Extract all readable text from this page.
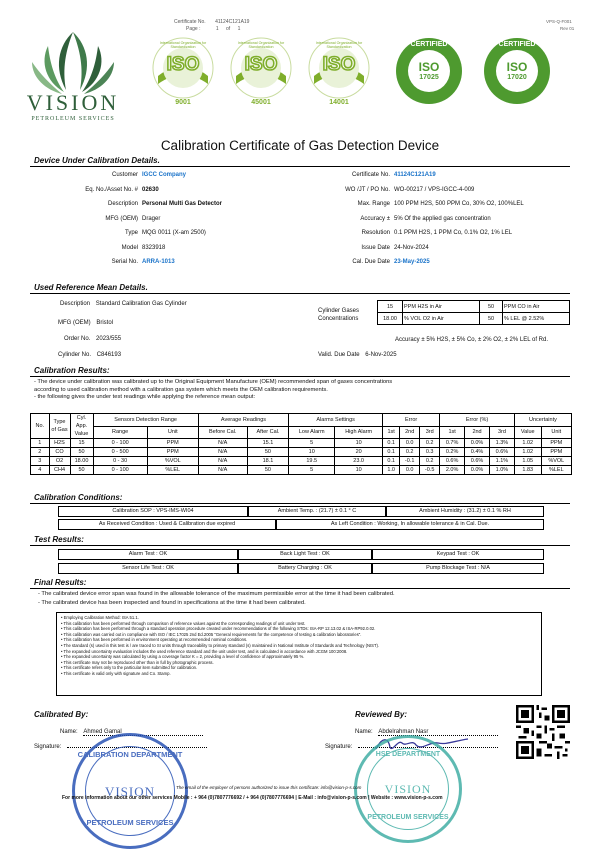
VISION
PETROLEUM SERVICES
Certificate No. 41124C121A19
Page :	1 of 1
VPS-Q-F001
Rev 01
International Organization for Standardization
ISO
9001
International Organization for Standardization
ISO
45001
International Organization for Standardization
ISO
14001
CERTIFIED
ISO
17025
CERTIFIED
ISO
17020
Calibration Certificate of Gas Detection Device
Device Under Calibration Details.
Customer IGCC Company
Eq. No./Asset No. # 02630
Description Personal Multi Gas Detector
MFG (OEM) Drager
Type MQG 0011 (X-am 2500)
Model 8323918
Serial No. ARRA-1013
Certificate No. 41124C121A19
WO /JT / PO No. WO-00217 / VPS-IGCC-4-009
Max. Range 100 PPM H2S, 500 PPM Co, 30% O2, 100%LEL
Accuracy ± 5% Of the applied gas concentration
Resolution 0.1 PPM H2S, 1 PPM Co, 0.1% O2, 1% LEL
Issue Date 24-Nov-2024
Cal. Due Date 23-May-2025
Used Reference Mean Details.
Description Standard Calibration Gas Cylinder
MFG (OEM) Bristol
Order No. 2023/555
Cylinder No. C846193
Cylinder Gases Concentrations
15	PPM H2S in Air	50	PPM CO in Air
18.00	% VOL O2 in Air	50	% LEL @ 2.52%
Accuracy ± 5% H2S, ± 5% Co, ± 2% O2, ± 2% LEL of Rd.
Valid. Due Date 6-Nov-2025
Calibration Results:
- The device under calibration was calibrated up to the Original Equipment Manufacture (OEM) recommended span of gases concentrations
according to used calibration method with a calibration gas system which meets the OEM calibration requirements.
- the following gives the under test readings while applying the reference mean output:
No.	Type of Gas	Cyl. App. Value	Sensors Detection Range		Average Readings		Alarms Settings		Error			Error (%)			Uncertainty	
			Range	Unit	Before Cal.	After Cal.	Low Alarm	High Alarm	1st	2nd	3rd	1st	2nd	3rd	Value	Unit
1	H2S	15	0 - 100	PPM	N/A	15.1	5	10	0.1	0.0	0.2	0.7%	0.0%	1.3%	1.02	PPM
2	CO	50	0 - 500	PPM	N/A	50	10	20	0.1	0.2	0.3	0.2%	0.4%	0.6%	1.02	PPM
3	O2	18.00	0 - 30	%VOL	N/A	18.1	19.5	23.0	0.1	-0.1	0.2	0.6%	0.6%	1.1%	1.05	%VOL
4	CH4	50	0 - 100	%LEL	N/A	50	5	10	1.0	0.0	-0.5	2.0%	0.0%	1.0%	1.83	%LEL
Calibration Conditions:
Calibration SOP : VPS-IMS-WI04	Ambient Temp. : (21.7) ± 0.1 ° C	Ambient Humidity : (31.2) ± 0.1 % RH
As Received Condition : Used & Calibration due expired	As Left Condition : Working, In allowable tolerance & in Cal. Due.
Test Results:
Alarm Test : OK	Back Light Test : OK	Keypad Test : OK
Sensor Life Test : OK	Battery Charging : OK	Pump Blockage Test : N/A
Final Results:
- The calibrated device error span was found in the allowable tolerance of the maximum permissible error at the time it had been calibrated.
- The calibrated device has been inspected and found in specifications at the time it had been calibrated.
• Employing Calibration Method: ISA 51.1.
• This calibration has been performed through comparison of reference values against the corresponding readings of unit under test.
• This calibration has been performed through a standard operation procedure created under recommendations of the following STDs: ISA-RP 12.13.02 & ISA-RP92.0.02.
• This calibration was carried out in compliance with ISO / IEC 17025 2nd Ed.2005 "General requirements for the competence of testing & calibration laboratories".
• This calibration has been performed in environment operating at recommended nominal conditions.
• The standard (s) used in this test is / are traced to SI units through traceability to primary standard (s) maintained in National Institute of Standards and Technology (NIST).
• The expanded uncertainty evaluation includes the used reference standard and the unit under test, and is calculated in accordance with JCGM 100:2008.
• The expanded uncertainty was calculated by using a coverage factor K = 2, providing a level of confidence of approximately 95 %.
• This certificate may not be reproduced other than in full by photographic process.
• This certificate refers only to the particular item submitted for calibration.
• This certificate is valid only with signature and Co. Stamp.
Calibrated By:	Reviewed By:
Name: Ahmed Gamal
Signature:
Name: Abdelrahman Nasr
Signature:
CALIBRATION DEPARTMENT
VISION
PETROLEUM SERVICES
HSE DEPARTMENT
VISION
PETROLEUM SERVICES
The email of the employer of persons authorized to issue this certificate: info@vision-p-s.com
For more information about our other services Mobile : + 964 (0)7807776692 / + 964 (0)7807776694 | E-Mail : info@vision-p-s.com | Website : www.vision-p-s.com
